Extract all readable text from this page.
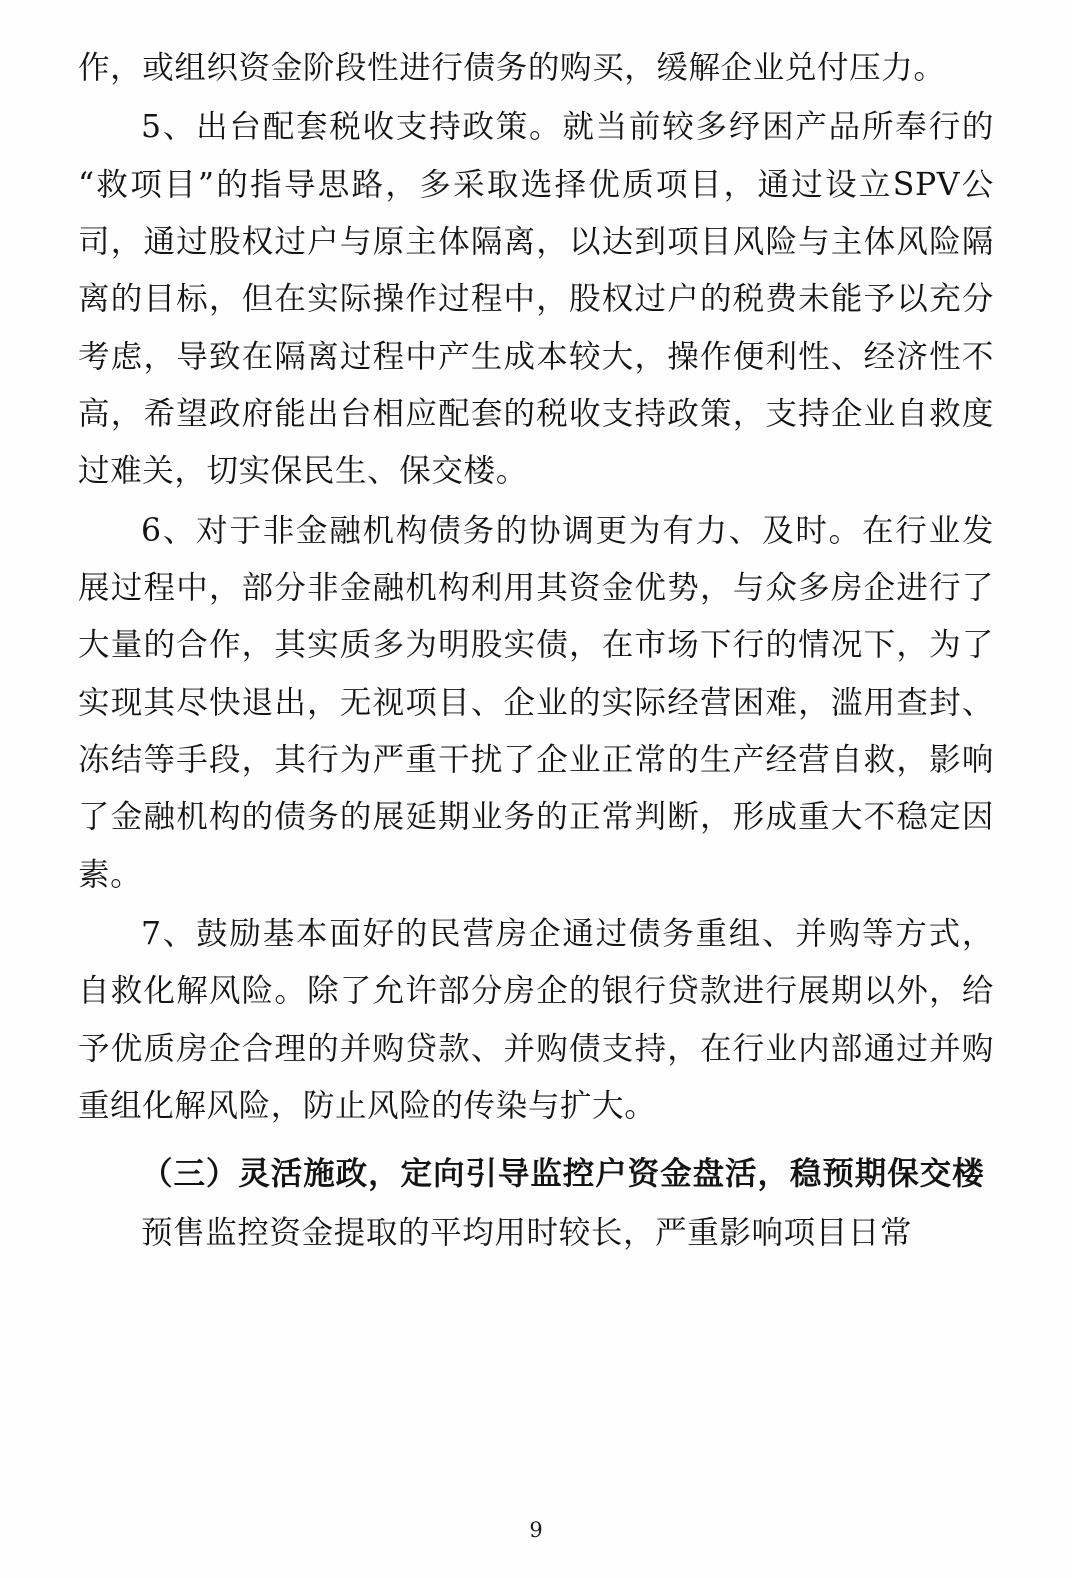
作，或组织资金阶段性进行债务的购买，缓解企业兑付压力。

5、出台配套税收支持政策。就当前较多纾困产品所奉行的“救项目”的指导思路，多采取选择优质项目，通过设立SPV公司，通过股权过户与原主体隔离，以达到项目风险与主体风险隔离的目标，但在实际操作过程中，股权过户的税费未能予以充分考虑，导致在隔离过程中产生成本较大，操作便利性、经济性不高，希望政府能出台相应配套的税收支持政策，支持企业自救度过难关，切实保民生、保交楼。

6、对于非金融机构债务的协调更为有力、及时。在行业发展过程中，部分非金融机构利用其资金优势，与众多房企进行了大量的合作，其实质多为明股实债，在市场下行的情况下，为了实现其尽快退出，无视项目、企业的实际经营困难，滥用查封、冻结等手段，其行为严重干扰了企业正常的生产经营自救，影响了金融机构的债务的展延期业务的正常判断，形成重大不稳定因素。

7、鼓励基本面好的民营房企通过债务重组、并购等方式，自救化解风险。除了允许部分房企的银行贷款进行展期以外，给予优质房企合理的并购贷款、并购债支持，在行业内部通过并购重组化解风险，防止风险的传染与扩大。

（三）灵活施政，定向引导监控户资金盘活，稳预期保交楼

预售监控资金提取的平均用时较长，严重影响项目日常

9
